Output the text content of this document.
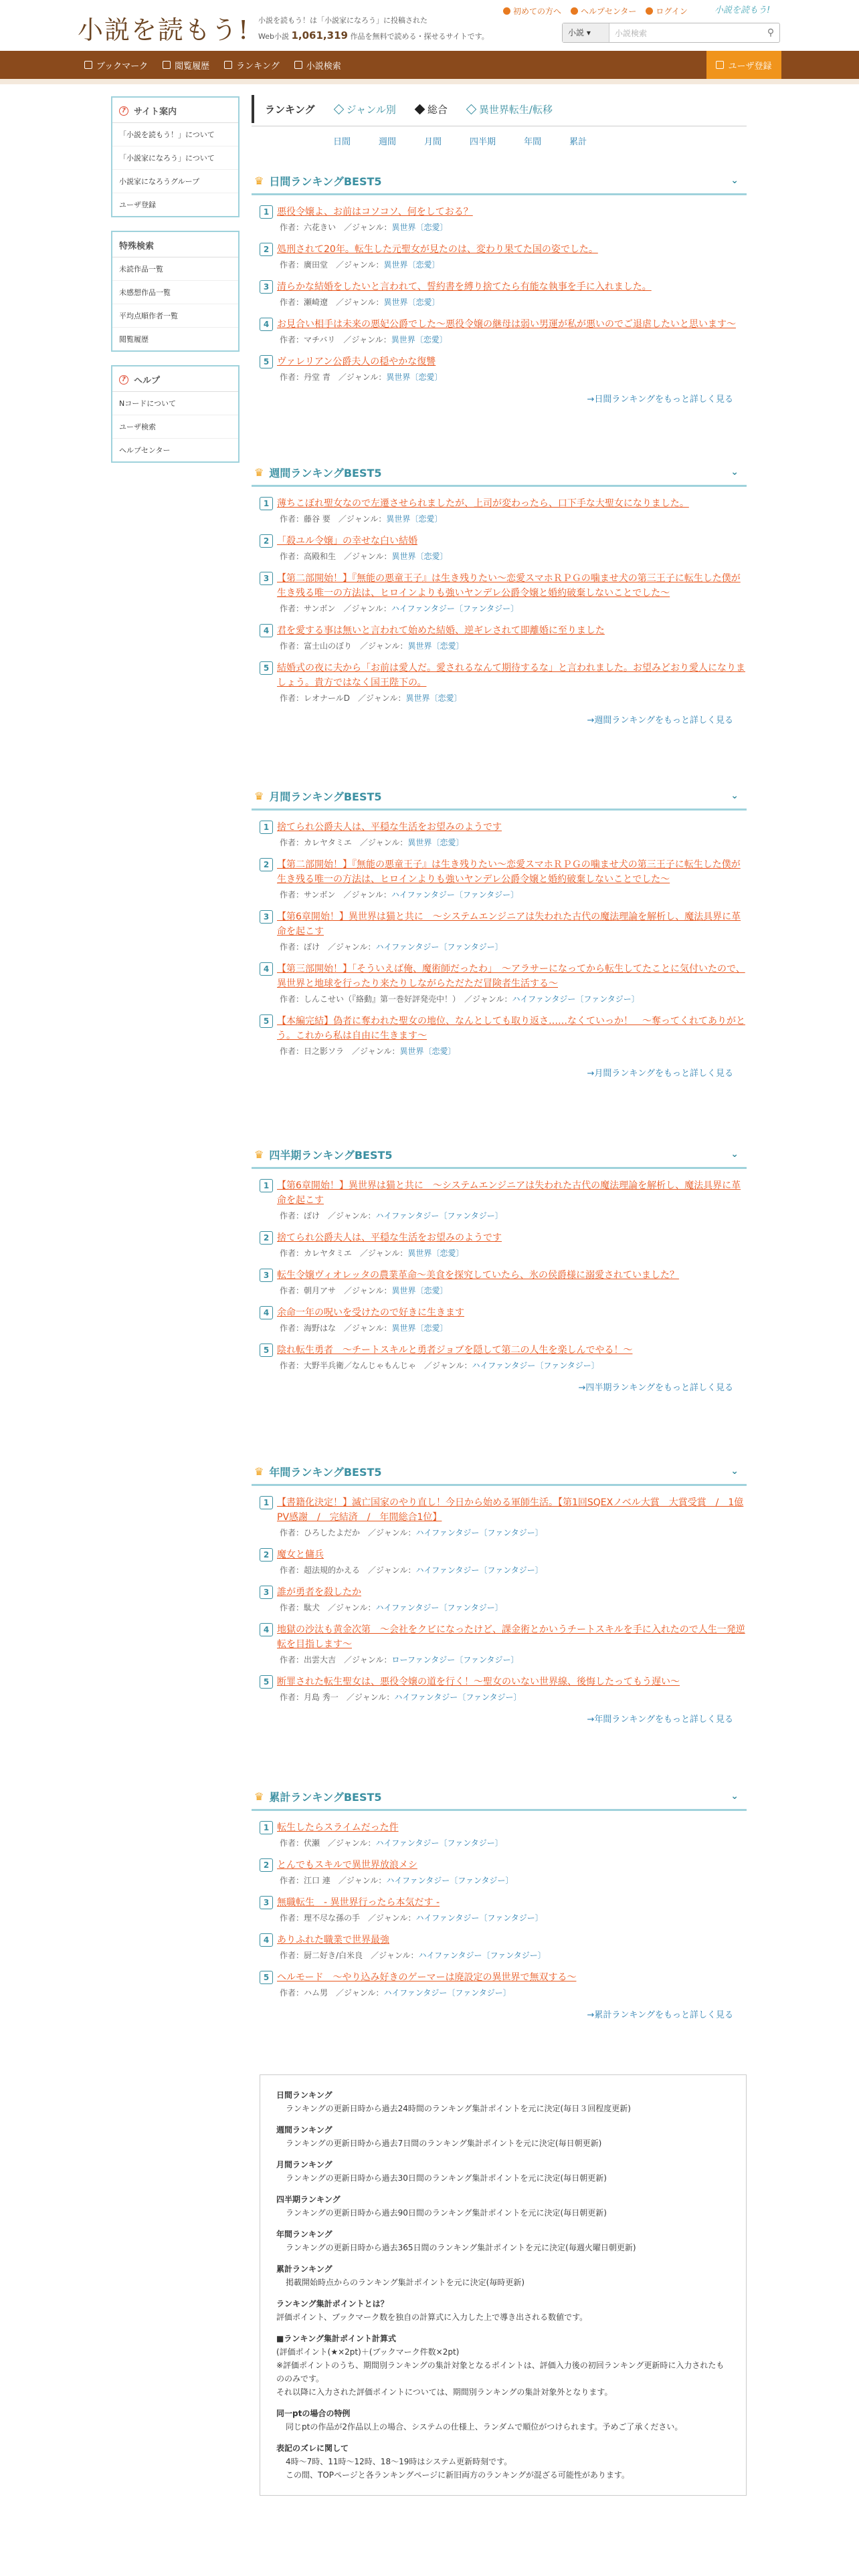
小説を読もう! 小説を読もう！は「小説家になろう」に投稿された
Web小説 1,061,319 作品を無料で読める・探せるサイトです。
初めての方へ ヘルプセンター ログイン	小説を読もう!
小説 ▾	小説検索	⚲
ブックマーク	閲覧履歴	ランキング	小説検索	ユーザ登録
? サイト案内
「小説を読もう！」について
「小説家になろう」について
小説家になろうグループ
ユーザ登録
特殊検索
未読作品一覧
未感想作品一覧
平均点順作者一覧
閲覧履歴
? ヘルプ
Nコードについて
ユーザ検索
ヘルプセンター
ランキング	ジャンル別	総合	異世界転生/転移
日間	週間	月間	四半期	年間	累計
♛ 日間ランキングBEST5	⌄
1 悪役令嬢よ、お前はコソコソ、何をしておる？
作者：六花きい　／ジャンル：異世界〔恋愛〕
2 処刑されて20年。転生した元聖女が見たのは、変わり果てた国の姿でした。
作者：廣田堂　／ジャンル：異世界〔恋愛〕
3 清らかな結婚をしたいと言われて、誓約書を縛り捨てたら有能な執事を手に入れました。
作者：瀬崎遼　／ジャンル：異世界〔恋愛〕
4 お見合い相手は未来の悪妃公爵でした～悪役令嬢の継母は弱い男運が私が悪いのでご退虐したいと思います～
作者：マチバリ　／ジャンル：異世界〔恋愛〕
5 ヴァレリアン公爵夫人の穏やかな復讐
作者：丹堂 青　／ジャンル：異世界〔恋愛〕
→日間ランキングをもっと詳しく見る
♛ 週間ランキングBEST5	⌄
1 薄ちこぼれ聖女なので左遷させられましたが、上司が変わったら、口下手な大聖女になりました。
作者：藤谷 要　／ジャンル：異世界〔恋愛〕
2 「殺ユル令嬢」の幸せな白い結婚
作者：高殿和生　／ジャンル：異世界〔恋愛〕
3 【第二部開始！】『無能の悪童王子』は生き残りたい～恋愛スマホＲＰＧの噛ませ犬の第三王子に転生した僕が生き残る唯一の方法は、ヒロインよりも強いヤンデレ公爵令嬢と婚約破棄しないことでした～
作者：サンボン　／ジャンル：ハイファンタジー〔ファンタジー〕
4 君を愛する事は無いと言われて始めた結婚、逆ギレされて即離婚に至りました
作者：富士山のぼり　／ジャンル：異世界〔恋愛〕
5 結婚式の夜に夫から「お前は愛人だ。愛されるなんて期待するな」と言われました。お望みどおり愛人になりましょう。貴方ではなく国王陛下の。
作者：レオナールD　／ジャンル：異世界〔恋愛〕
→週間ランキングをもっと詳しく見る
♛ 月間ランキングBEST5	⌄
1 捨てられ公爵夫人は、平穏な生活をお望みのようです
作者：カレヤタミエ　／ジャンル：異世界〔恋愛〕
2 【第二部開始！】『無能の悪童王子』は生き残りたい～恋愛スマホＲＰＧの噛ませ犬の第三王子に転生した僕が生き残る唯一の方法は、ヒロインよりも強いヤンデレ公爵令嬢と婚約破棄しないことでした～
作者：サンボン　／ジャンル：ハイファンタジー〔ファンタジー〕
3 【第6章開始！】異世界は猫と共に　～システムエンジニアは失われた古代の魔法理論を解析し、魔法具界に革命を起こす
作者：ぽけ　／ジャンル：ハイファンタジー〔ファンタジー〕
4 【第三部開始！】「そういえば俺、魔術師だったわ」　～アラサーになってから転生してたことに気付いたので、異世界と地球を行ったり来たりしながらただただ冒険者生活する～
作者：しんこせい（『絡動』第一巻好評発売中！）　／ジャンル：ハイファンタジー〔ファンタジー〕
5 【本編完結】偽者に奪われた聖女の地位、なんとしても取り返さ……なくていっか！　～奪ってくれてありがとう。これから私は自由に生きます～
作者：日之影ソラ　／ジャンル：異世界〔恋愛〕
→月間ランキングをもっと詳しく見る
♛ 四半期ランキングBEST5	⌄
1 【第6章開始！】異世界は猫と共に　～システムエンジニアは失われた古代の魔法理論を解析し、魔法具界に革命を起こす
作者：ぽけ　／ジャンル：ハイファンタジー〔ファンタジー〕
2 捨てられ公爵夫人は、平穏な生活をお望みのようです
作者：カレヤタミエ　／ジャンル：異世界〔恋愛〕
3 転生令嬢ヴィオレッタの農業革命～美食を探究していたら、氷の侯爵様に溺愛されていました？
作者：朝月アサ　／ジャンル：異世界〔恋愛〕
4 余命一年の呪いを受けたので好きに生きます
作者：海野はな　／ジャンル：異世界〔恋愛〕
5 陰れ転生勇者　～チートスキルと勇者ジョブを隠して第二の人生を楽しんでやる！～
作者：大野半兵衛／なんじゃもんじゃ　／ジャンル：ハイファンタジー〔ファンタジー〕
→四半期ランキングをもっと詳しく見る
♛ 年間ランキングBEST5	⌄
1 【書籍化決定！】滅亡国家のやり直し！今日から始める軍師生活。【第1回SQEXノベル大賞　大賞受賞　/　1億PV感謝　/　完結済　/　年間総合1位】
作者：ひろしたよだか　／ジャンル：ハイファンタジー〔ファンタジー〕
2 魔女と傭兵
作者：超法規的かえる　／ジャンル：ハイファンタジー〔ファンタジー〕
3 誰が勇者を殺したか
作者：駄犬　／ジャンル：ハイファンタジー〔ファンタジー〕
4 地獄の沙汰も黄金次第　～会社をクビになったけど、課金術とかいうチートスキルを手に入れたので人生一発逆転を目指します～
作者：出雲大吉　／ジャンル：ローファンタジー〔ファンタジー〕
5 断罪された転生聖女は、悪役令嬢の道を行く！～聖女のいない世界線、後悔したってもう遅い～
作者：月島 秀一　／ジャンル：ハイファンタジー〔ファンタジー〕
→年間ランキングをもっと詳しく見る
♛ 累計ランキングBEST5	⌄
1 転生したらスライムだった件
作者：伏瀬　／ジャンル：ハイファンタジー〔ファンタジー〕
2 とんでもスキルで異世界放浪メシ
作者：江口 連　／ジャンル：ハイファンタジー〔ファンタジー〕
3 無職転生　- 異世界行ったら本気だす -
作者：理不尽な孫の手　／ジャンル：ハイファンタジー〔ファンタジー〕
4 ありふれた職業で世界最強
作者：厨二好き/白米良　／ジャンル：ハイファンタジー〔ファンタジー〕
5 ヘルモード　～やり込み好きのゲーマーは廃設定の異世界で無双する～
作者：ハム男　／ジャンル：ハイファンタジー〔ファンタジー〕
→累計ランキングをもっと詳しく見る
日間ランキング
ランキングの更新日時から過去24時間のランキング集計ポイントを元に決定(毎日３回程度更新)
週間ランキング
ランキングの更新日時から過去7日間のランキング集計ポイントを元に決定(毎日朝更新)
月間ランキング
ランキングの更新日時から過去30日間のランキング集計ポイントを元に決定(毎日朝更新)
四半期ランキング
ランキングの更新日時から過去90日間のランキング集計ポイントを元に決定(毎日朝更新)
年間ランキング
ランキングの更新日時から過去365日間のランキング集計ポイントを元に決定(毎週火曜日朝更新)
累計ランキング
掲載開始時点からのランキング集計ポイントを元に決定(毎時更新)
ランキング集計ポイントとは？
評価ポイント、ブックマーク数を独自の計算式に入力した上で導き出される数値です。
■ランキング集計ポイント計算式
(評価ポイント(★×2pt)＋(ブックマーク件数×2pt)
※評価ポイントのうち、期間別ランキングの集計対象となるポイントは、評価入力後の初回ランキング更新時に入力されたもののみです。
それ以降に入力された評価ポイントについては、期間別ランキングの集計対象外となります。
同一ptの場合の特例
同じptの作品が2作品以上の場合、システムの仕様上、ランダムで順位がつけられます。予めご了承ください。
表記のズレに関して
4時～7時、11時～12時、18～19時はシステム更新時刻です。
この間、TOPページと各ランキングページに新旧両方のランキングが混ざる可能性があります。
